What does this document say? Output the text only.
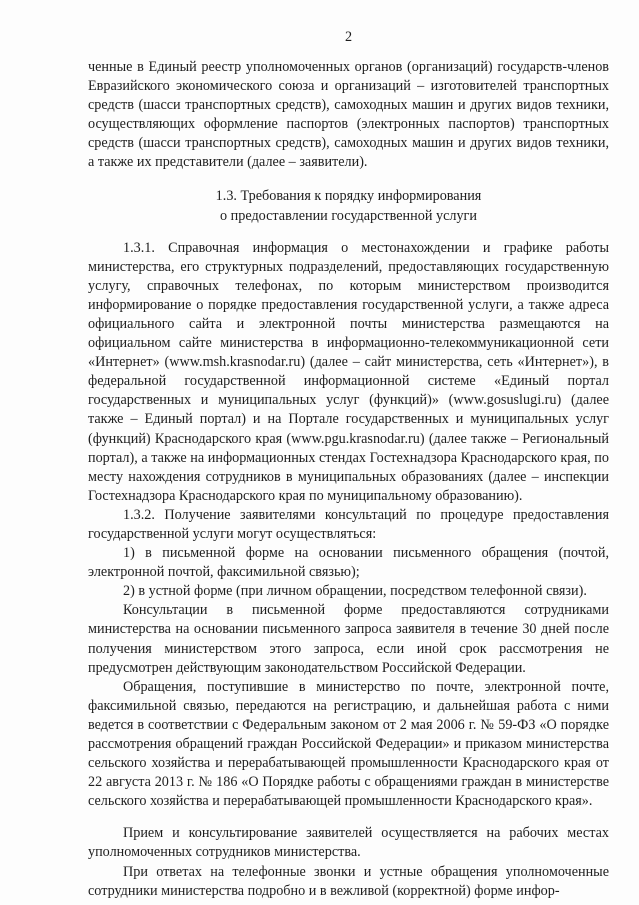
2

ченные в Единый реестр уполномоченных органов (организаций) государств-членов Евразийского экономического союза и организаций – изготовителей транспортных средств (шасси транспортных средств), самоходных машин и других видов техники, осуществляющих оформление паспортов (электронных паспортов) транспортных средств (шасси транспортных средств), самоходных машин и других видов техники, а также их представители (далее – заявители).

1.3. Требования к порядку информирования
о предоставлении государственной услуги

1.3.1. Справочная информация о местонахождении и графике работы министерства, его структурных подразделений, предоставляющих государственную услугу, справочных телефонах, по которым министерством производится информирование о порядке предоставления государственной услуги, а также адреса официального сайта и электронной почты министерства размещаются на официальном сайте министерства в информационно-телекоммуникационной сети «Интернет» (www.msh.krasnodar.ru) (далее – сайт министерства, сеть «Интернет»), в федеральной государственной информационной системе «Единый портал государственных и муниципальных услуг (функций)» (www.gosuslugi.ru) (далее также – Единый портал) и на Портале государственных и муниципальных услуг (функций) Краснодарского края (www.pgu.krasnodar.ru) (далее также – Региональный портал), а также на информационных стендах Гостехнадзора Краснодарского края, по месту нахождения сотрудников в муниципальных образованиях (далее – инспекции Гостехнадзора Краснодарского края по муниципальному образованию).

1.3.2. Получение заявителями консультаций по процедуре предоставления государственной услуги могут осуществляться:

1) в письменной форме на основании письменного обращения (почтой, электронной почтой, факсимильной связью);

2) в устной форме (при личном обращении, посредством телефонной связи).

Консультации в письменной форме предоставляются сотрудниками министерства на основании письменного запроса заявителя в течение 30 дней после получения министерством этого запроса, если иной срок рассмотрения не предусмотрен действующим законодательством Российской Федерации.

Обращения, поступившие в министерство по почте, электронной почте, факсимильной связью, передаются на регистрацию, и дальнейшая работа с ними ведется в соответствии с Федеральным законом от 2 мая 2006 г. № 59-ФЗ «О порядке рассмотрения обращений граждан Российской Федерации» и приказом министерства сельского хозяйства и перерабатывающей промышленности Краснодарского края от 22 августа 2013 г. № 186 «О Порядке работы с обращениями граждан в министерстве сельского хозяйства и перерабатывающей промышленности Краснодарского края».

Прием и консультирование заявителей осуществляется на рабочих местах уполномоченных сотрудников министерства.

При ответах на телефонные звонки и устные обращения уполномоченные сотрудники министерства подробно и в вежливой (корректной) форме инфор-
